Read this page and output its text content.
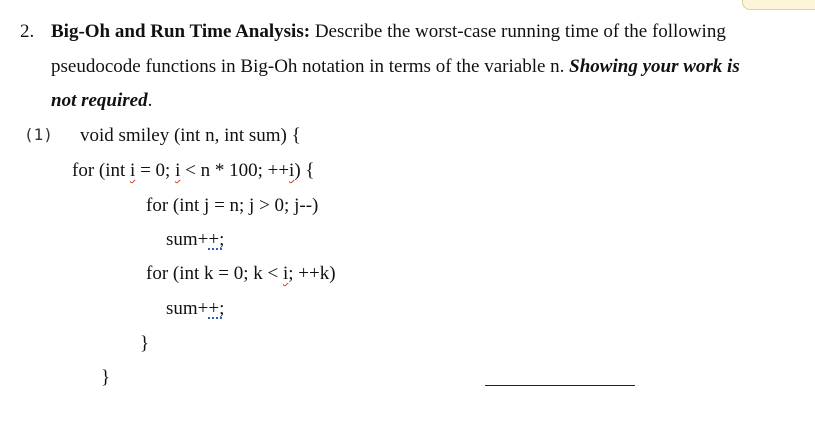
2. Big-Oh and Run Time Analysis: Describe the worst-case running time of the following
pseudocode functions in Big-Oh notation in terms of the variable n. Showing your work is
not required.
(1) void smiley (int n, int sum) {
for (int i = 0; i < n * 100; ++i) {
for (int j = n; j > 0; j--)
sum++;
for (int k = 0; k < i; ++k)
sum++;
}
}
